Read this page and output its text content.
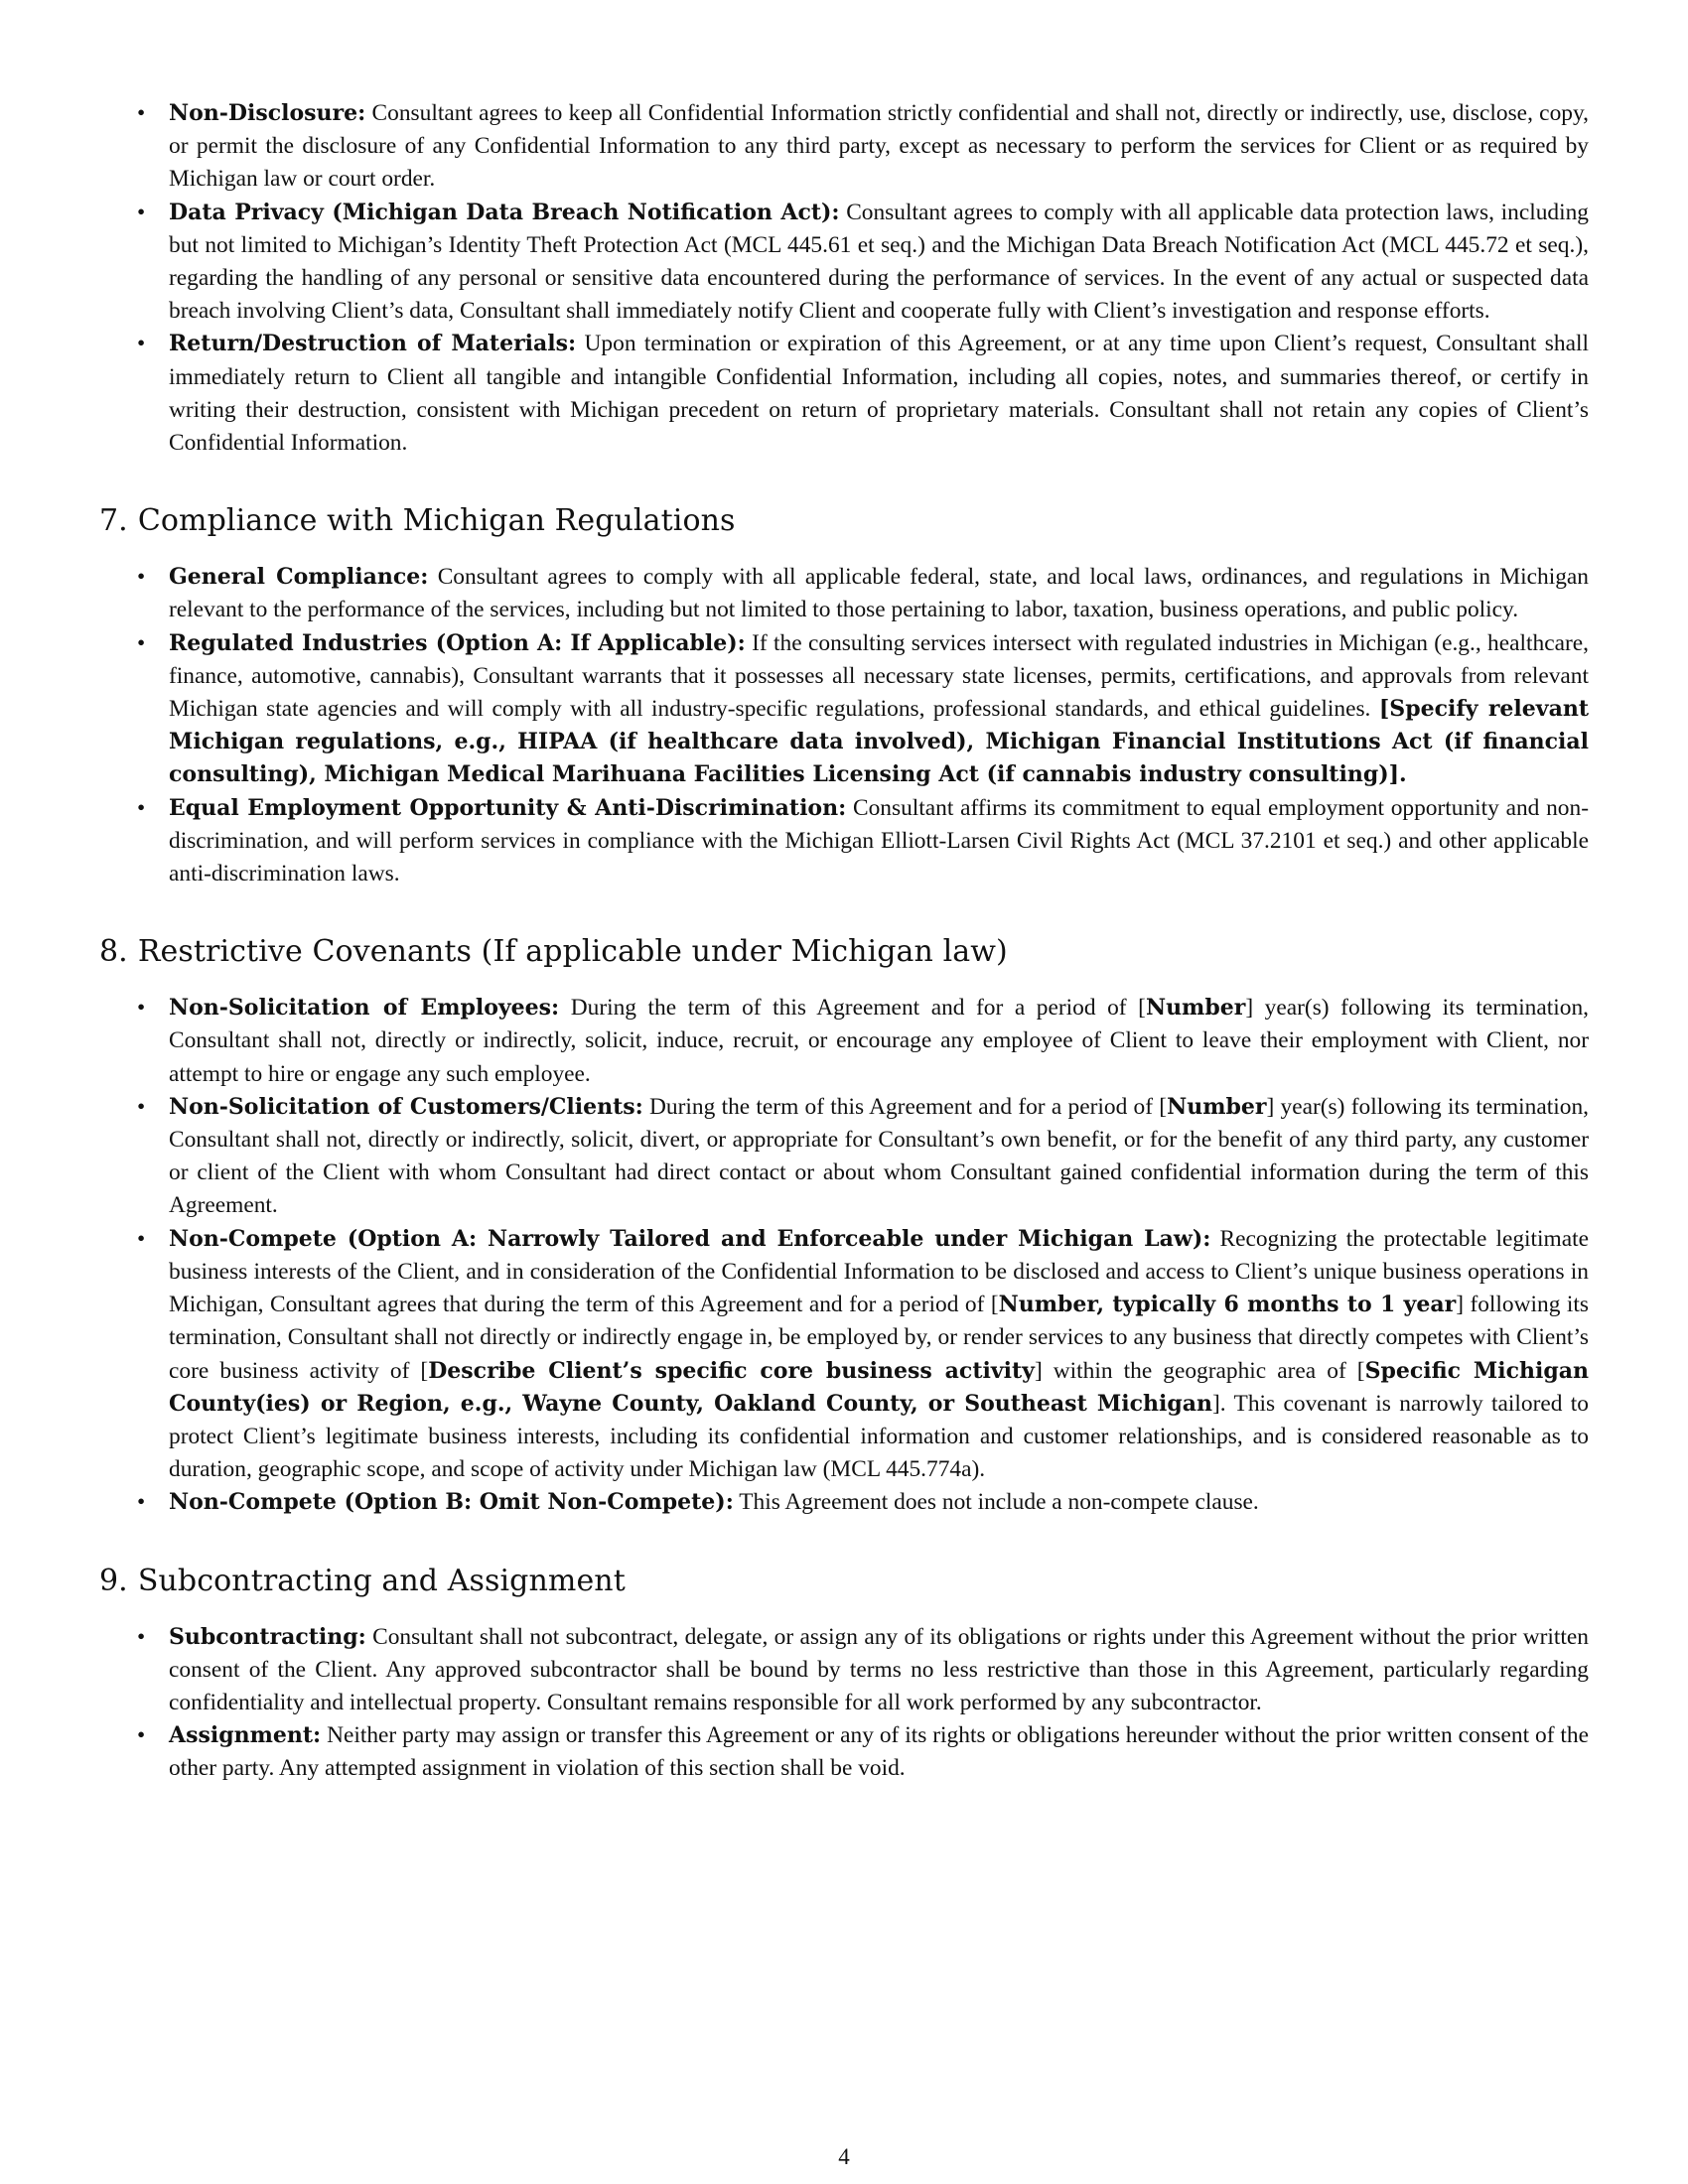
• Non-Disclosure: Consultant agrees to keep all Confidential Information strictly confidential and shall not, directly or indirectly, use, disclose, copy, or permit the disclosure of any Confidential Information to any third party, except as necessary to perform the services for Client or as required by Michigan law or court order.
• Data Privacy (Michigan Data Breach Notification Act): Consultant agrees to comply with all applicable data protection laws, including but not limited to Michigan’s Identity Theft Protection Act (MCL 445.61 et seq.) and the Michigan Data Breach Notification Act (MCL 445.72 et seq.), regarding the handling of any personal or sensitive data encountered during the performance of services. In the event of any actual or suspected data breach involving Client’s data, Consultant shall immediately notify Client and cooperate fully with Client’s investigation and response efforts.
• Return/Destruction of Materials: Upon termination or expiration of this Agreement, or at any time upon Client’s request, Consultant shall immediately return to Client all tangible and intangible Confidential Information, including all copies, notes, and summaries thereof, or certify in writing their destruction, consistent with Michigan precedent on return of proprietary materials. Consultant shall not retain any copies of Client’s Confidential Information.
7. Compliance with Michigan Regulations
• General Compliance: Consultant agrees to comply with all applicable federal, state, and local laws, ordinances, and regulations in Michigan relevant to the performance of the services, including but not limited to those pertaining to labor, taxation, business operations, and public policy.
• Regulated Industries (Option A: If Applicable): If the consulting services intersect with regulated industries in Michigan (e.g., healthcare, finance, automotive, cannabis), Consultant warrants that it possesses all necessary state licenses, permits, certifications, and approvals from relevant Michigan state agencies and will comply with all industry-specific regulations, professional standards, and ethical guidelines. [Specify relevant Michigan regulations, e.g., HIPAA (if healthcare data involved), Michigan Financial Institutions Act (if financial consulting), Michigan Medical Marihuana Facilities Licensing Act (if cannabis industry consulting)].
• Equal Employment Opportunity & Anti-Discrimination: Consultant affirms its commitment to equal employment opportunity and non-discrimination, and will perform services in compliance with the Michigan Elliott-Larsen Civil Rights Act (MCL 37.2101 et seq.) and other applicable anti-discrimination laws.
8. Restrictive Covenants (If applicable under Michigan law)
• Non-Solicitation of Employees: During the term of this Agreement and for a period of [Number] year(s) following its termination, Consultant shall not, directly or indirectly, solicit, induce, recruit, or encourage any employee of Client to leave their employment with Client, nor attempt to hire or engage any such employee.
• Non-Solicitation of Customers/Clients: During the term of this Agreement and for a period of [Number] year(s) following its termination, Consultant shall not, directly or indirectly, solicit, divert, or appropriate for Consultant’s own benefit, or for the benefit of any third party, any customer or client of the Client with whom Consultant had direct contact or about whom Consultant gained confidential information during the term of this Agreement.
• Non-Compete (Option A: Narrowly Tailored and Enforceable under Michigan Law): Recognizing the protectable legitimate business interests of the Client, and in consideration of the Confidential Information to be disclosed and access to Client’s unique business operations in Michigan, Consultant agrees that during the term of this Agreement and for a period of [Number, typically 6 months to 1 year] following its termination, Consultant shall not directly or indirectly engage in, be employed by, or render services to any business that directly competes with Client’s core business activity of [Describe Client’s specific core business activity] within the geographic area of [Specific Michigan County(ies) or Region, e.g., Wayne County, Oakland County, or Southeast Michigan]. This covenant is narrowly tailored to protect Client’s legitimate business interests, including its confidential information and customer relationships, and is considered reasonable as to duration, geographic scope, and scope of activity under Michigan law (MCL 445.774a).
• Non-Compete (Option B: Omit Non-Compete): This Agreement does not include a non-compete clause.
9. Subcontracting and Assignment
• Subcontracting: Consultant shall not subcontract, delegate, or assign any of its obligations or rights under this Agreement without the prior written consent of the Client. Any approved subcontractor shall be bound by terms no less restrictive than those in this Agreement, particularly regarding confidentiality and intellectual property. Consultant remains responsible for all work performed by any subcontractor.
• Assignment: Neither party may assign or transfer this Agreement or any of its rights or obligations hereunder without the prior written consent of the other party. Any attempted assignment in violation of this section shall be void.
4
